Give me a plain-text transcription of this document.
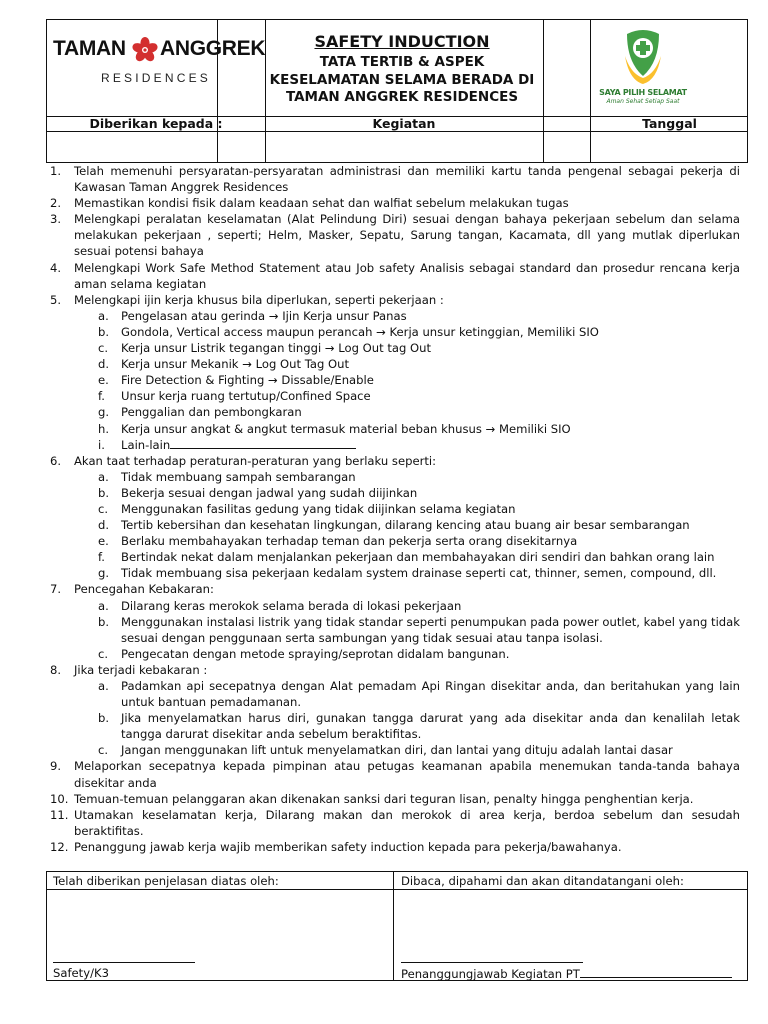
TAMAN ANGGREK
RESIDENCES
SAFETY INDUCTION
TATA TERTIB & ASPEK
KESELAMATAN SELAMA BERADA DI
TAMAN ANGGREK RESIDENCES	SAYA PILIH SELAMAT
Aman Sehat Setiap Saat
Diberikan kepada :	Kegiatan	Tanggal
1.	Telah memenuhi persyaratan-persyaratan administrasi dan memiliki kartu tanda pengenal sebagai pekerja di Kawasan Taman Anggrek Residences
2.	Memastikan kondisi fisik dalam keadaan sehat dan walfiat sebelum melakukan tugas
3.	Melengkapi peralatan keselamatan (Alat Pelindung Diri) sesuai dengan bahaya pekerjaan sebelum dan selama melakukan pekerjaan , seperti; Helm, Masker, Sepatu, Sarung tangan, Kacamata, dll yang mutlak diperlukan sesuai potensi bahaya
4.	Melengkapi Work Safe Method Statement atau Job safety Analisis sebagai standard dan prosedur rencana kerja aman selama kegiatan
5.	Melengkapi ijin kerja khusus bila diperlukan, seperti pekerjaan :
a.	Pengelasan atau gerinda → Ijin Kerja unsur Panas
b.	Gondola, Vertical access maupun perancah → Kerja unsur ketinggian, Memiliki SIO
c.	Kerja unsur Listrik tegangan tinggi → Log Out tag Out
d.	Kerja unsur Mekanik → Log Out Tag Out
e.	Fire Detection & Fighting → Dissable/Enable
f.	Unsur kerja ruang tertutup/Confined Space
g.	Penggalian dan pembongkaran
h.	Kerja unsur angkat & angkut termasuk material beban khusus → Memiliki SIO
i.	Lain-lain
6.	Akan taat terhadap peraturan-peraturan yang berlaku seperti:
a.	Tidak membuang sampah sembarangan
b.	Bekerja sesuai dengan jadwal yang sudah diijinkan
c.	Menggunakan fasilitas gedung yang tidak diijinkan selama kegiatan
d.	Tertib kebersihan dan kesehatan lingkungan, dilarang kencing atau buang air besar sembarangan
e.	Berlaku membahayakan terhadap teman dan pekerja serta orang disekitarnya
f.	Bertindak nekat dalam menjalankan pekerjaan dan membahayakan diri sendiri dan bahkan orang lain
g.	Tidak membuang sisa pekerjaan kedalam system drainase seperti cat, thinner, semen, compound, dll.
7.	Pencegahan Kebakaran:
a.	Dilarang keras merokok selama berada di lokasi pekerjaan
b.	Menggunakan instalasi listrik yang tidak standar seperti penumpukan pada power outlet, kabel yang tidak sesuai dengan penggunaan serta sambungan yang tidak sesuai atau tanpa isolasi.
c.	Pengecatan dengan metode spraying/seprotan didalam bangunan.
8.	Jika terjadi kebakaran :
a.	Padamkan api secepatnya dengan Alat pemadam Api Ringan disekitar anda, dan beritahukan yang lain untuk bantuan pemadamanan.
b.	Jika menyelamatkan harus diri, gunakan tangga darurat yang ada disekitar anda dan kenalilah letak tangga darurat disekitar anda sebelum beraktifitas.
c.	Jangan menggunakan lift untuk menyelamatkan diri, dan lantai yang dituju adalah lantai dasar
9.	Melaporkan secepatnya kepada pimpinan atau petugas keamanan apabila menemukan tanda-tanda bahaya disekitar anda
10. Temuan-temuan pelanggaran akan dikenakan sanksi dari teguran lisan, penalty hingga penghentian kerja.
11. Utamakan keselamatan kerja, Dilarang makan dan merokok di area kerja, berdoa sebelum dan sesudah beraktifitas.
12. Penanggung jawab kerja wajib memberikan safety induction kepada para pekerja/bawahanya.
Telah diberikan penjelasan diatas oleh:	Dibaca, dipahami dan akan ditandatangani oleh:
Safety/K3	Penanggungjawab Kegiatan PT
